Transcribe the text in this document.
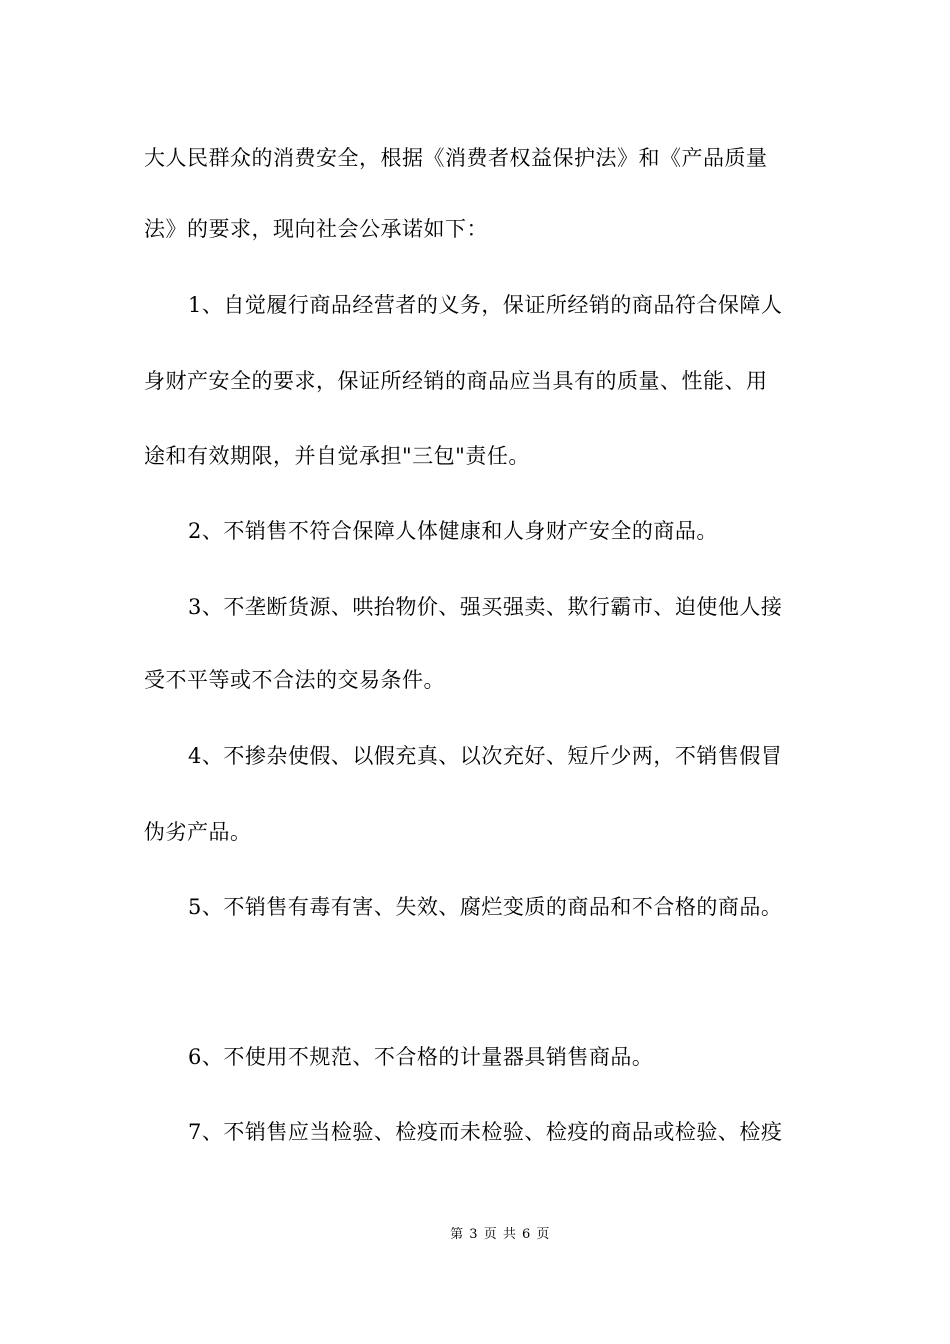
大人民群众的消费安全，根据《消费者权益保护法》和《产品质量
法》的要求，现向社会公承诺如下：
1、自觉履行商品经营者的义务，保证所经销的商品符合保障人
身财产安全的要求，保证所经销的商品应当具有的质量、性能、用
途和有效期限，并自觉承担"三包"责任。
2、不销售不符合保障人体健康和人身财产安全的商品。
3、不垄断货源、哄抬物价、强买强卖、欺行霸市、迫使他人接
受不平等或不合法的交易条件。
4、不掺杂使假、以假充真、以次充好、短斤少两，不销售假冒
伪劣产品。
5、不销售有毒有害、失效、腐烂变质的商品和不合格的商品。
6、不使用不规范、不合格的计量器具销售商品。
7、不销售应当检验、检疫而未检验、检疫的商品或检验、检疫

第 3 页 共 6 页
